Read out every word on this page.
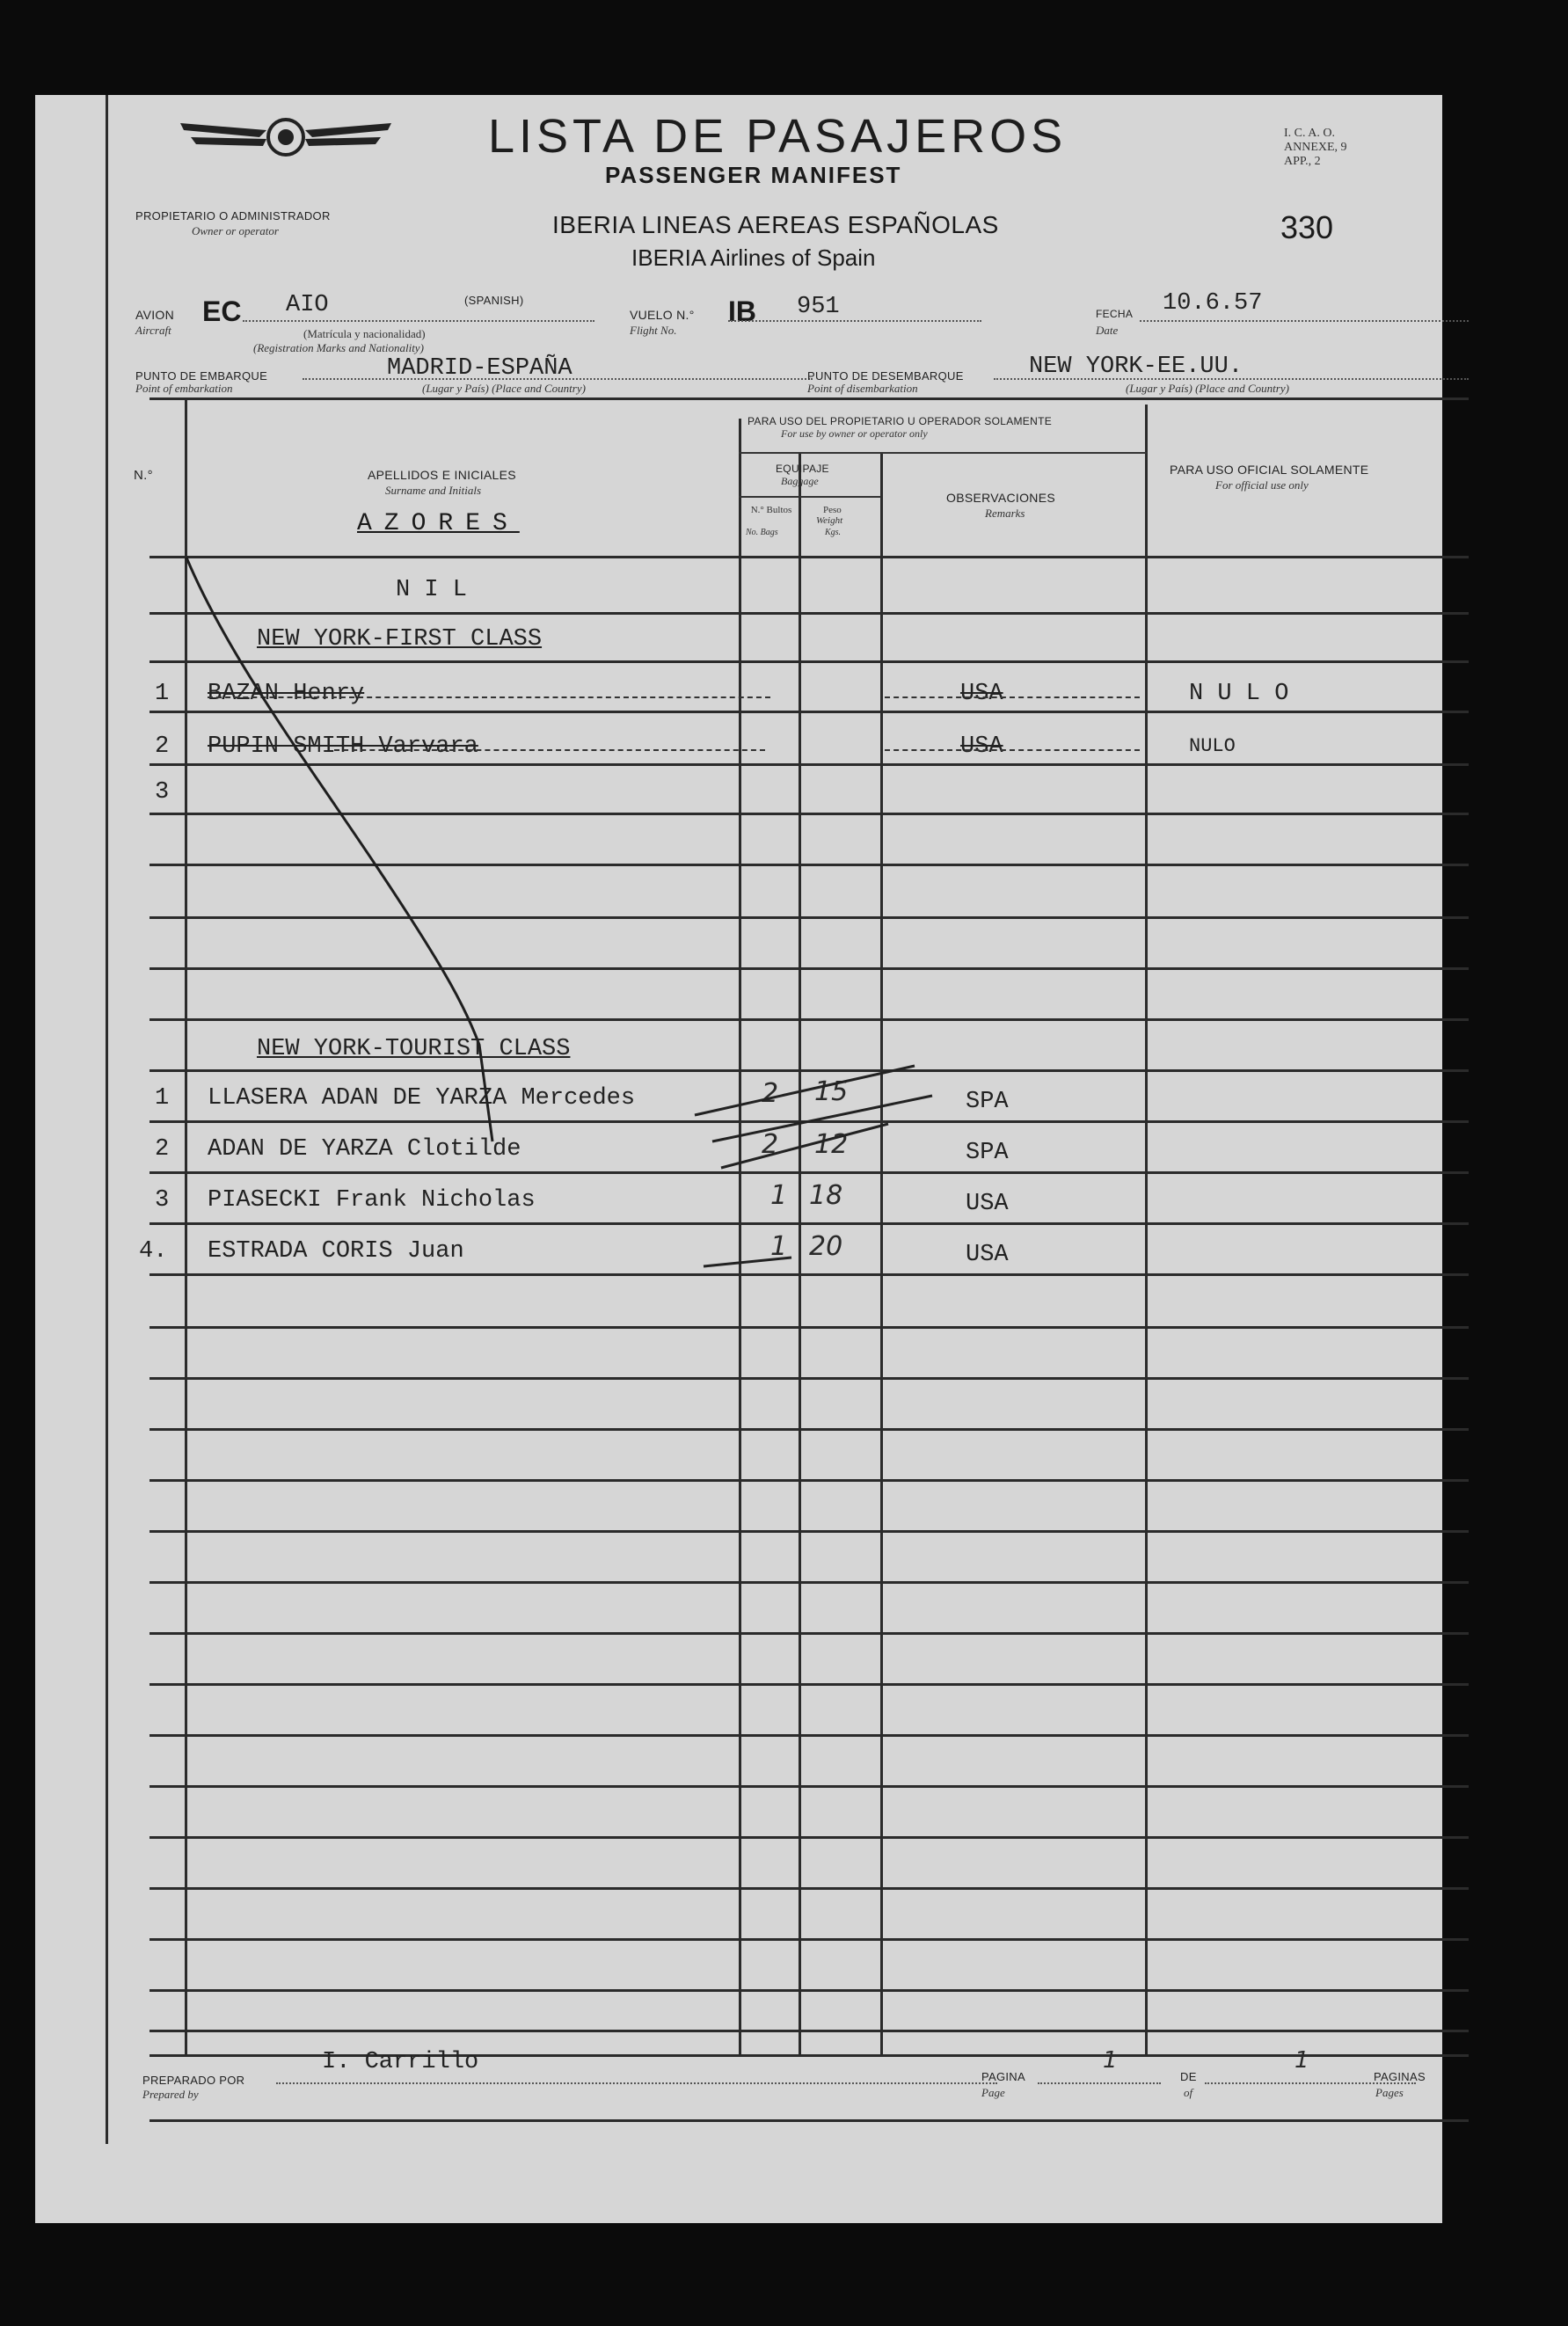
LISTA DE PASAJEROS
PASSENGER MANIFEST
I. C. A. O.
ANNEXE, 9
APP., 2
330
PROPIETARIO O ADMINISTRADOR
Owner or operator	IBERIA LINEAS AEREAS ESPAÑOLAS
IBERIA Airlines of Spain
AVION
Aircraft
EC AIO	(SPANISH)
(Matrícula y nacionalidad)
(Registration Marks and Nationality)
VUELO N.°
Flight No.
IB 951	FECHA
Date
10.6.57
PUNTO DE EMBARQUE
Point of embarkation
MADRID-ESPAÑA
(Lugar y País) (Place and Country)
PUNTO DE DESEMBARQUE
Point of disembarkation
NEW YORK-EE.UU.
(Lugar y País) (Place and Country)
N.°	APELLIDOS E INICIALES
Surname and Initials
AZORES
PARA USO DEL PROPIETARIO U OPERADOR SOLAMENTE
For use by owner or operator only
EQUIPAJE
Baggage
N.° Bultos
No. Bags
Peso
Weight
Kgs.
OBSERVACIONES
Remarks
PARA USO OFICIAL SOLAMENTE
For official use only
N I L
NEW YORK-FIRST CLASS
1 BAZAN Henry	USA	N U L O
2 PUPIN SMITH Varvara	USA	NULO
3
NEW YORK-TOURIST CLASS
1 LLASERA ADAN DE YARZA Mercedes	2 15	SPA
2 ADAN DE YARZA Clotilde	2 12	SPA
3 PIASECKI Frank Nicholas	1 18	USA
4. ESTRADA CORIS Juan	1 20	USA
PREPARADO POR
Prepared by
I. Carrillo
PAGINA
Page
1
DE
of
1
PAGINAS
Pages
